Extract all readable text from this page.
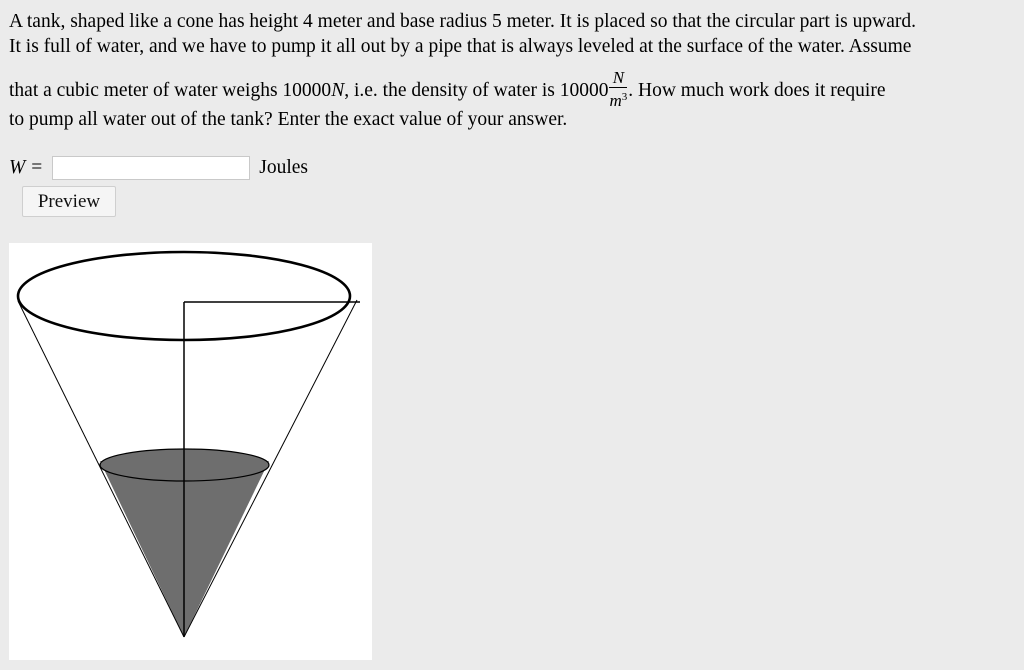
A tank, shaped like a cone has height 4 meter and base radius 5 meter. It is placed so that the circular part is upward.
It is full of water, and we have to pump it all out by a pipe that is always leveled at the surface of the water. Assume
that a cubic meter of water weighs 10000N, i.e. the density of water is $10000 \frac{N}{m^3}$ . How much work does it require
to pump all water out of the tank? Enter the exact value of your answer.
W =	Joules
Preview
